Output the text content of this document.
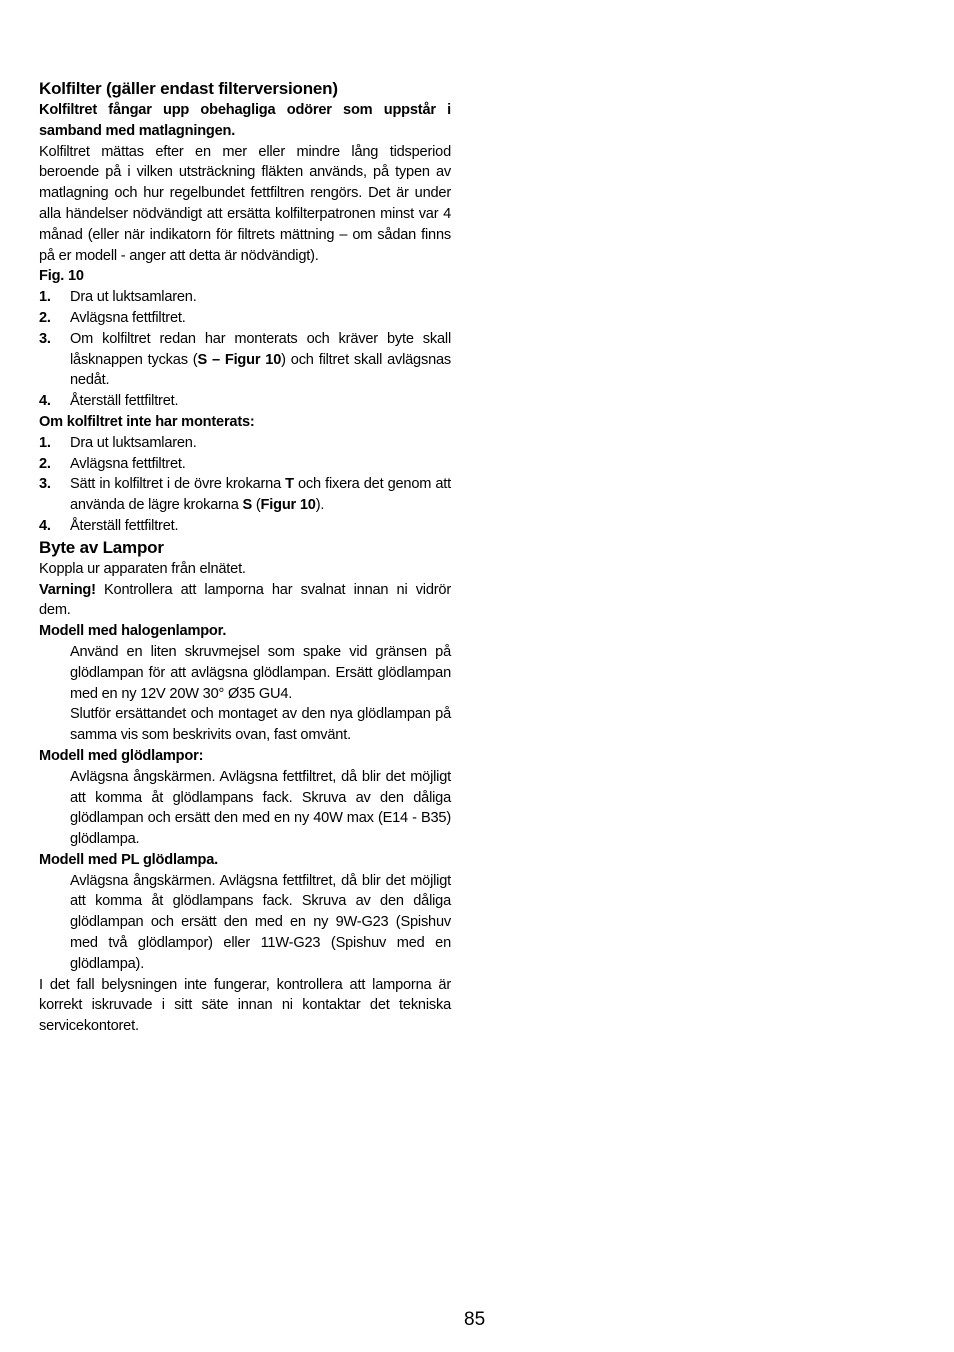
Kolfilter (gäller endast filterversionen)

Kolfiltret fångar upp obehagliga odörer som uppstår i samband med matlagningen.

Kolfiltret mättas efter en mer eller mindre lång tidsperiod beroende på i vilken utsträckning fläkten används, på typen av matlagning och hur regelbundet fettfiltren rengörs. Det är under alla händelser nödvändigt att ersätta kolfilterpatronen minst var 4 månad (eller när indikatorn för filtrets mättning – om sådan finns på er modell - anger att detta är nödvändigt).

Fig. 10

1.	Dra ut luktsamlaren.
2.	Avlägsna fettfiltret.
3.	Om kolfiltret redan har monterats och kräver byte skall låsknappen tyckas (S – Figur 10) och filtret skall avlägsnas nedåt.
4.	Återställ fettfiltret.

Om kolfiltret inte har monterats:

1.	Dra ut luktsamlaren.
2.	Avlägsna fettfiltret.
3.	Sätt in kolfiltret i de övre krokarna T och fixera det genom att använda de lägre krokarna S (Figur 10).
4.	Återställ fettfiltret.

Byte av Lampor

Koppla ur apparaten från elnätet.

Varning! Kontrollera att lamporna har svalnat innan ni vidrör dem.

Modell med halogenlampor.

Använd en liten skruvmejsel som spake vid gränsen på glödlampan för att avlägsna glödlampan. Ersätt glödlampan med en ny 12V 20W 30° Ø35 GU4.

Slutför ersättandet och montaget av den nya glödlampan på samma vis som beskrivits ovan, fast omvänt.

Modell med glödlampor:

Avlägsna ångskärmen. Avlägsna fettfiltret, då blir det möjligt att komma åt glödlampans fack. Skruva av den dåliga glödlampan och ersätt den med en ny 40W max (E14 - B35) glödlampa.

Modell med PL glödlampa.

Avlägsna ångskärmen. Avlägsna fettfiltret, då blir det möjligt att komma åt glödlampans fack. Skruva av den dåliga glödlampan och ersätt den med en ny 9W-G23 (Spishuv med två glödlampor) eller 11W-G23 (Spishuv med en glödlampa).

I det fall belysningen inte fungerar, kontrollera att lamporna är korrekt iskruvade i sitt säte innan ni kontaktar det tekniska servicekontoret.

85
